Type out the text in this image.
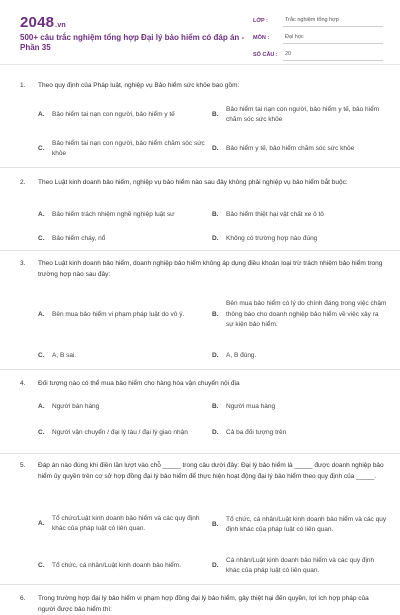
2048.vn
500+ câu trắc nghiệm tổng hợp Đại lý bảo hiểm có đáp án - Phần 35
LỚP :	Trắc nghiệm tổng hợp
MÔN :	Đại học
SỐ CÂU :	20
1.	Theo quy định của Pháp luật, nghiệp vụ Bảo hiểm sức khỏe bao gồm:
A.	Bảo hiểm tai nạn con người, bảo hiểm y tế	B.
Bảo hiểm tai nạn con người, bảo hiểm y tế, bảo hiểm chăm sóc sức khỏe
C.
Bảo hiểm tai nạn con người, bảo hiểm chăm sóc sức khỏe
D.	Bảo hiểm y tế, bảo hiểm chăm sóc sức khỏe
2.	Theo Luật kinh doanh bảo hiểm, nghiệp vụ bảo hiểm nào sau đây không phải nghiệp vụ bảo hiểm bắt buộc:
A.	Bảo hiểm trách nhiệm nghề nghiệp luật sư	B.	Bảo hiểm thiệt hại vật chất xe ô tô
C.	Bảo hiểm cháy, nổ	D.	Không có trường hợp nào đúng
3.	Theo Luật kinh doanh bảo hiểm, doanh nghiệp bảo hiểm không áp dụng điều khoản loại trừ trách nhiệm bảo hiểm trong trường hợp nào sau đây:
A.	Bên mua bảo hiểm vi phạm pháp luật do vô ý.	B.
Bên mua bảo hiểm có lý do chính đáng trong việc chậm thông báo cho doanh nghiệp bảo hiểm về việc xảy ra sự kiện bảo hiểm.
C.	A, B sai.	D.	A, B đúng.
4.	Đối tượng nào có thể mua bảo hiểm cho hàng hóa vận chuyển nội địa
A.	Người bán hàng	B.	Người mua hàng
C.	Người vận chuyển / đại lý tàu / đại lý giao nhận	D.	Cả ba đối tượng trên
5.	Đáp án nào đúng khi điền lần lượt vào chỗ _____ trong câu dưới đây: Đại lý bảo hiểm là _____ được doanh nghiệp bảo hiểm ủy quyền trên cơ sở hợp đồng đại lý bảo hiểm để thực hiện hoạt động đại lý bảo hiểm theo quy định của _____.
A.
Tổ chức/Luật kinh doanh bảo hiểm và các quy định khác của pháp luật có liên quan.
B.
Tổ chức, cá nhân/Luật kinh doanh bảo hiểm và các quy định khác của pháp luật có liên quan.
C.	Tổ chức, cá nhân/Luật kinh doanh bảo hiểm.	D.
Cá nhân/Luật kinh doanh bảo hiểm và các quy định khác của pháp luật có liên quan.
6.	Trong trường hợp đại lý bảo hiểm vi phạm hợp đồng đại lý bảo hiểm, gây thiệt hại đến quyền, lợi ích hợp pháp của người được bảo hiểm thì:
